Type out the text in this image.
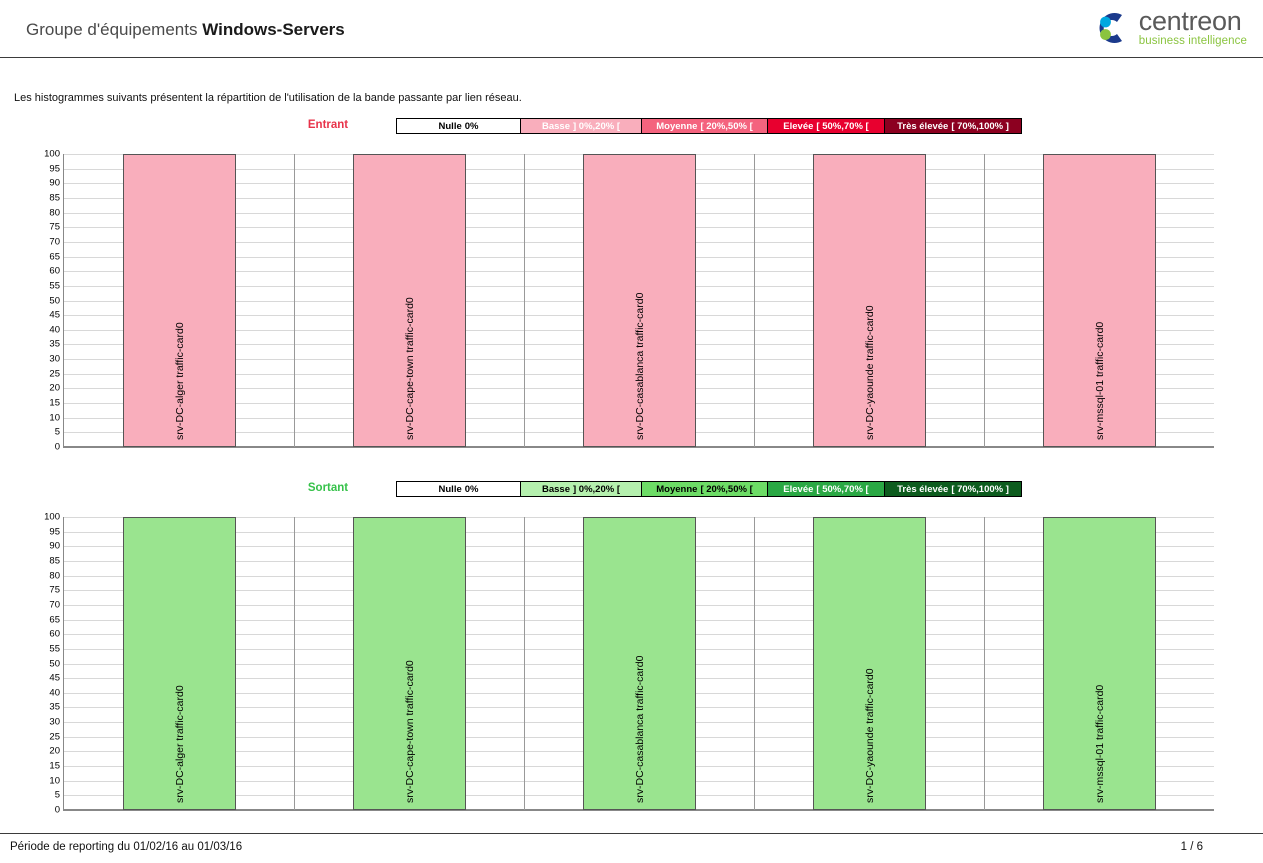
Groupe d'équipements Windows-Servers	centreon
business intelligence
Les histogrammes suivants présentent la répartition de l'utilisation de la bande passante par lien réseau.
Entrant	Nulle 0%	Basse ] 0%,20% [	Moyenne [ 20%,50% [	Elevée [ 50%,70% [	Très élevée [ 70%,100% ]
srv-DC-alger traffic-card0	srv-DC-cape-town traffic-card0	srv-DC-casablanca traffic-card0	srv-DC-yaounde traffic-card0	srv-mssql-01 traffic-card0
0
5
10
15
20
25
30
35
40
45
50
55
60
65
70
75
80
85
90
95
100
Sortant	Nulle 0%	Basse ] 0%,20% [	Moyenne [ 20%,50% [	Elevée [ 50%,70% [	Très élevée [ 70%,100% ]
srv-DC-alger traffic-card0	srv-DC-cape-town traffic-card0	srv-DC-casablanca traffic-card0	srv-DC-yaounde traffic-card0	srv-mssql-01 traffic-card0
0
5
10
15
20
25
30
35
40
45
50
55
60
65
70
75
80
85
90
95
100
Période de reporting du 01/02/16 au 01/03/16	1 / 6
